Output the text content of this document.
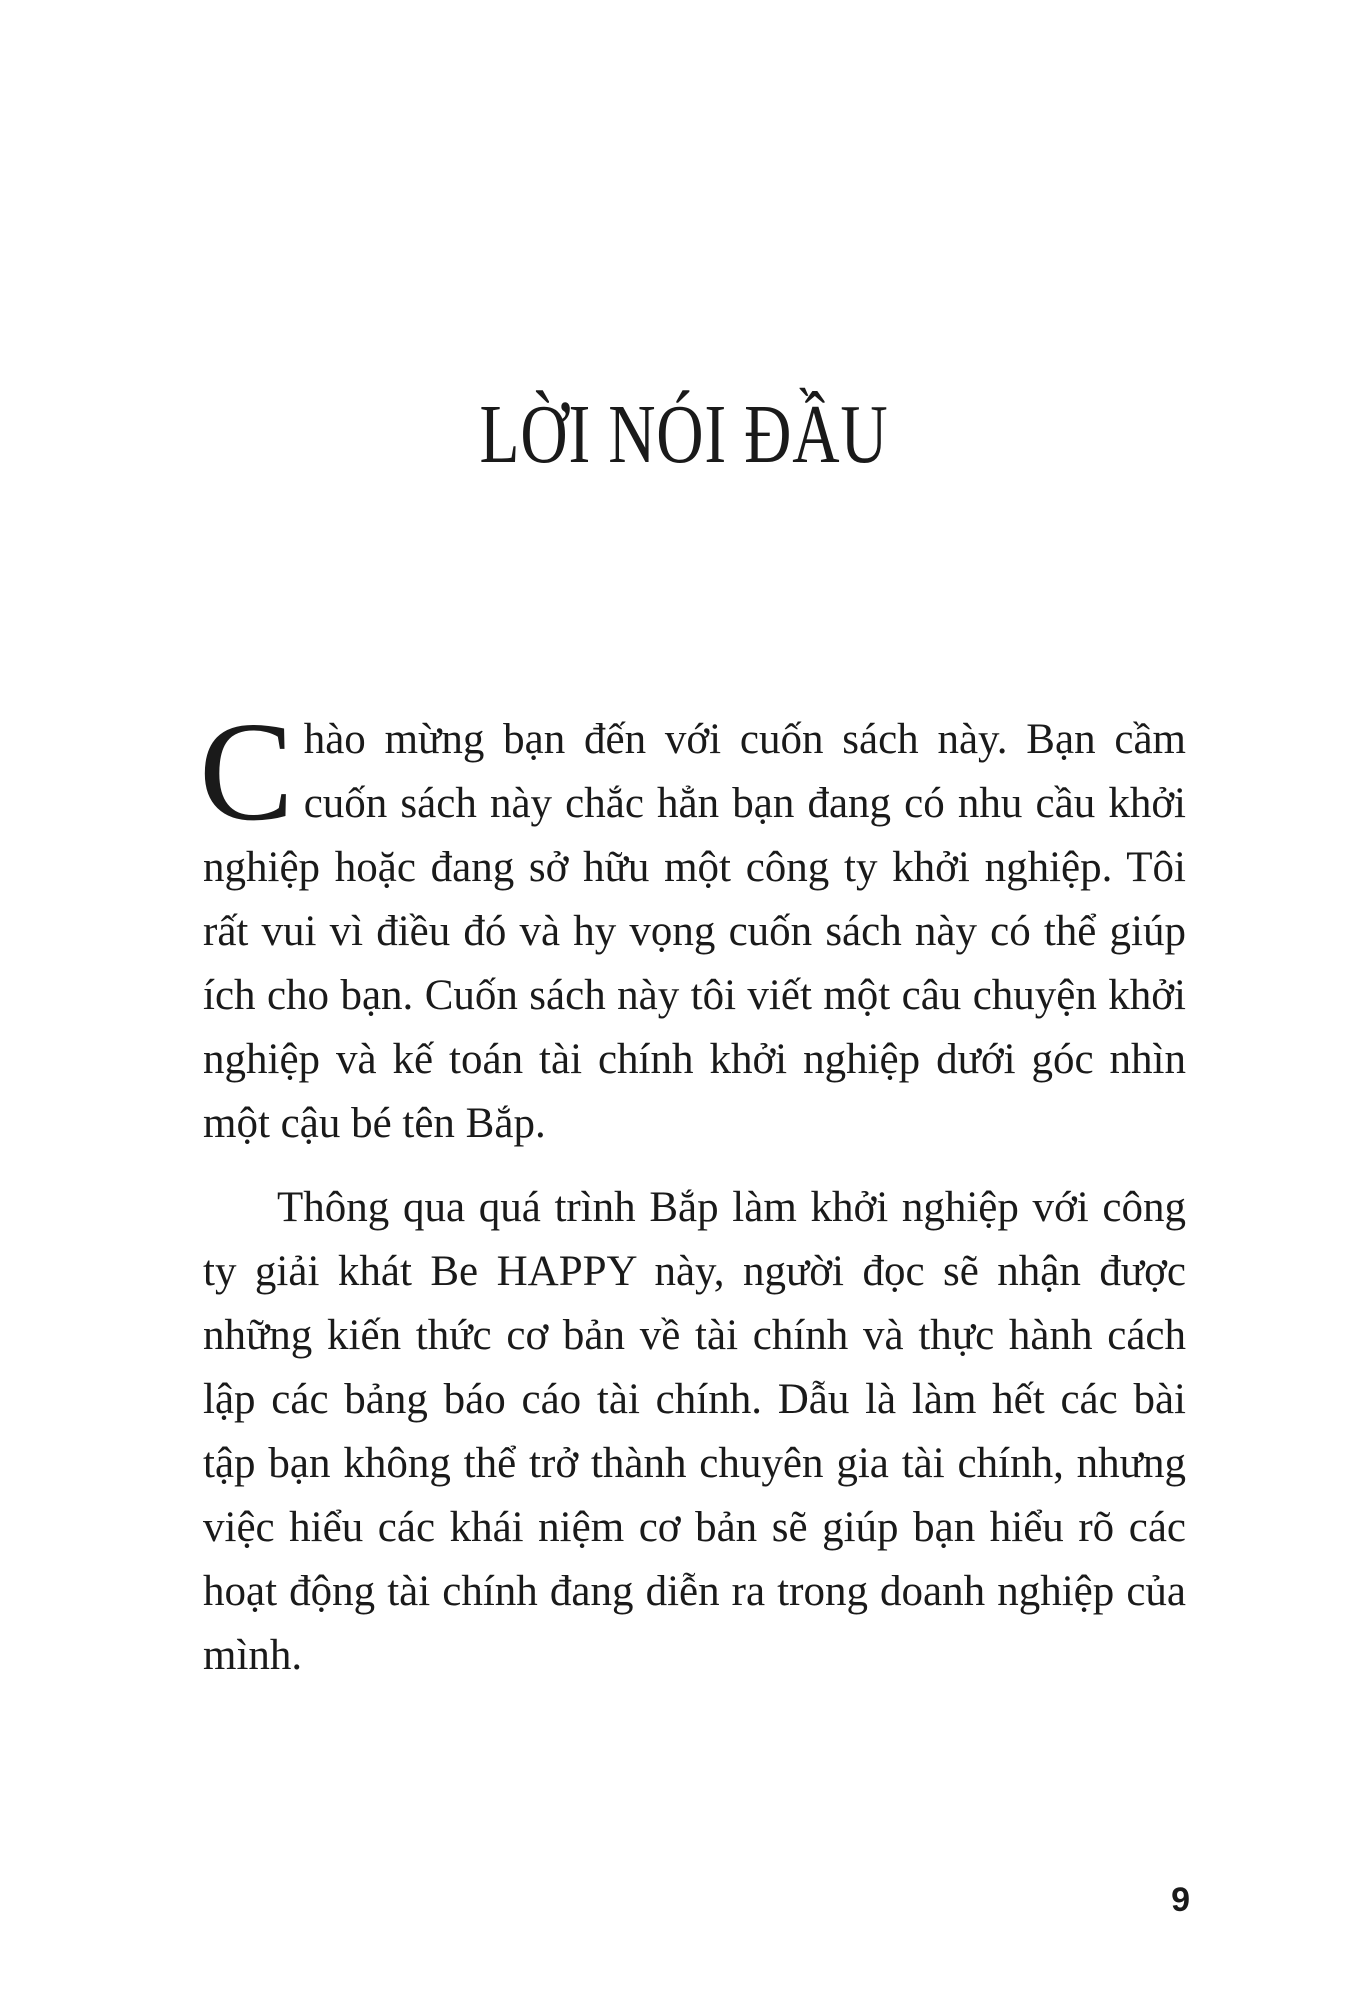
LỜI NÓI ĐẦU

Chào mừng bạn đến với cuốn sách này. Bạn cầm cuốn sách này chắc hẳn bạn đang có nhu cầu khởi nghiệp hoặc đang sở hữu một công ty khởi nghiệp. Tôi rất vui vì điều đó và hy vọng cuốn sách này có thể giúp ích cho bạn. Cuốn sách này tôi viết một câu chuyện khởi nghiệp và kế toán tài chính khởi nghiệp dưới góc nhìn một cậu bé tên Bắp.

Thông qua quá trình Bắp làm khởi nghiệp với công ty giải khát Be HAPPY này, người đọc sẽ nhận được những kiến thức cơ bản về tài chính và thực hành cách lập các bảng báo cáo tài chính. Dẫu là làm hết các bài tập bạn không thể trở thành chuyên gia tài chính, nhưng việc hiểu các khái niệm cơ bản sẽ giúp bạn hiểu rõ các hoạt động tài chính đang diễn ra trong doanh nghiệp của mình.

9
